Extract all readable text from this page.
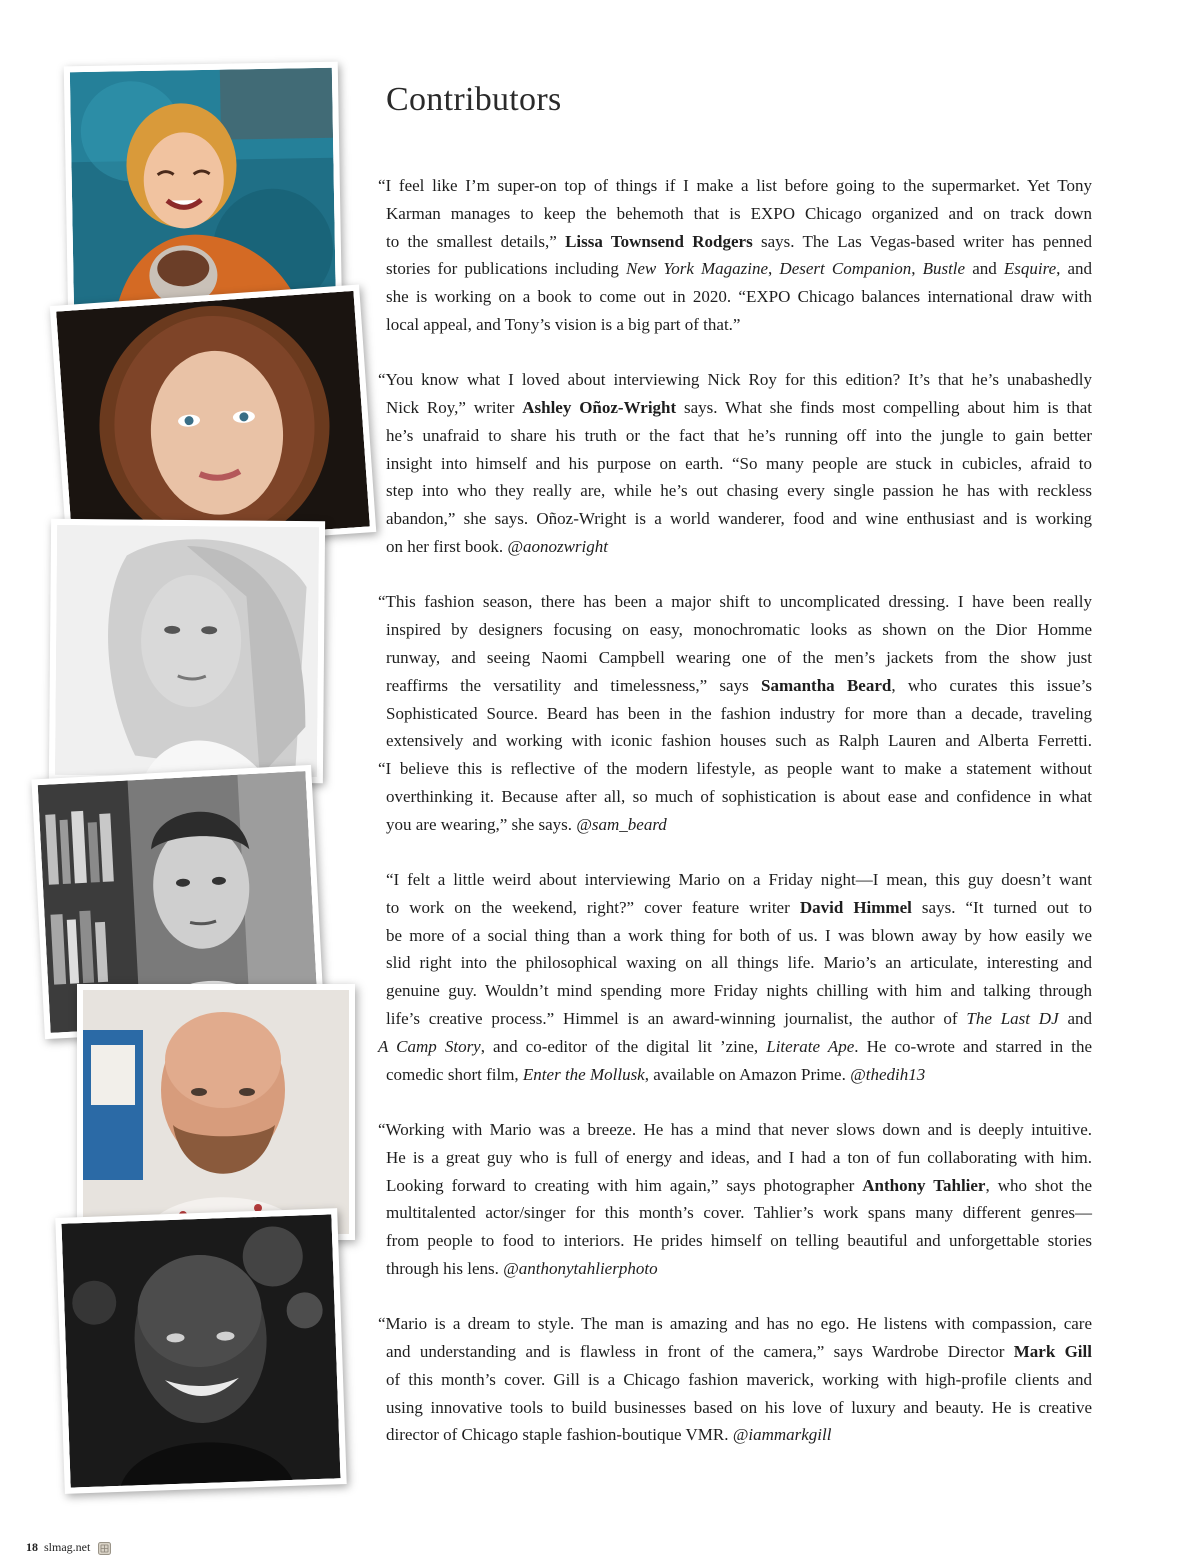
Contributors

“I feel like I’m super-on top of things if I make a list before going to the supermarket. Yet Tony
Karman manages to keep the behemoth that is EXPO Chicago organized and on track down
to the smallest details,” Lissa Townsend Rodgers says. The Las Vegas-based writer has penned
stories for publications including New York Magazine, Desert Companion, Bustle and Esquire, and
she is working on a book to come out in 2020. “EXPO Chicago balances international draw with
local appeal, and Tony’s vision is a big part of that.”

“You know what I loved about interviewing Nick Roy for this edition? It’s that he’s unabashedly
Nick Roy,” writer Ashley Oñoz-Wright says. What she finds most compelling about him is that
he’s unafraid to share his truth or the fact that he’s running off into the jungle to gain better
insight into himself and his purpose on earth. “So many people are stuck in cubicles, afraid to
step into who they really are, while he’s out chasing every single passion he has with reckless
abandon,” she says. Oñoz-Wright is a world wanderer, food and wine enthusiast and is working
on her first book. @aonozwright

“This fashion season, there has been a major shift to uncomplicated dressing. I have been really
inspired by designers focusing on easy, monochromatic looks as shown on the Dior Homme
runway, and seeing Naomi Campbell wearing one of the men’s jackets from the show just
reaffirms the versatility and timelessness,” says Samantha Beard, who curates this issue’s
Sophisticated Source. Beard has been in the fashion industry for more than a decade, traveling
extensively and working with iconic fashion houses such as Ralph Lauren and Alberta Ferretti.
“I believe this is reflective of the modern lifestyle, as people want to make a statement without
overthinking it. Because after all, so much of sophistication is about ease and confidence in what
you are wearing,” she says. @sam_beard

“I felt a little weird about interviewing Mario on a Friday night—I mean, this guy doesn’t want
to work on the weekend, right?” cover feature writer David Himmel says. “It turned out to
be more of a social thing than a work thing for both of us. I was blown away by how easily we
slid right into the philosophical waxing on all things life. Mario’s an articulate, interesting and
genuine guy. Wouldn’t mind spending more Friday nights chilling with him and talking through
life’s creative process.” Himmel is an award-winning journalist, the author of The Last DJ and
A Camp Story, and co-editor of the digital lit ’zine, Literate Ape. He co-wrote and starred in the
comedic short film, Enter the Mollusk, available on Amazon Prime. @thedih13

“Working with Mario was a breeze. He has a mind that never slows down and is deeply intuitive.
He is a great guy who is full of energy and ideas, and I had a ton of fun collaborating with him.
Looking forward to creating with him again,” says photographer Anthony Tahlier, who shot the
multitalented actor/singer for this month’s cover. Tahlier’s work spans many different genres—
from people to food to interiors. He prides himself on telling beautiful and unforgettable stories
through his lens. @anthonytahlierphoto

“Mario is a dream to style. The man is amazing and has no ego. He listens with compassion, care
and understanding and is flawless in front of the camera,” says Wardrobe Director Mark Gill
of this month’s cover. Gill is a Chicago fashion maverick, working with high-profile clients and
using innovative tools to build businesses based on his love of luxury and beauty. He is creative
director of Chicago staple fashion-boutique VMR. @iammarkgill

18 slmag.net
